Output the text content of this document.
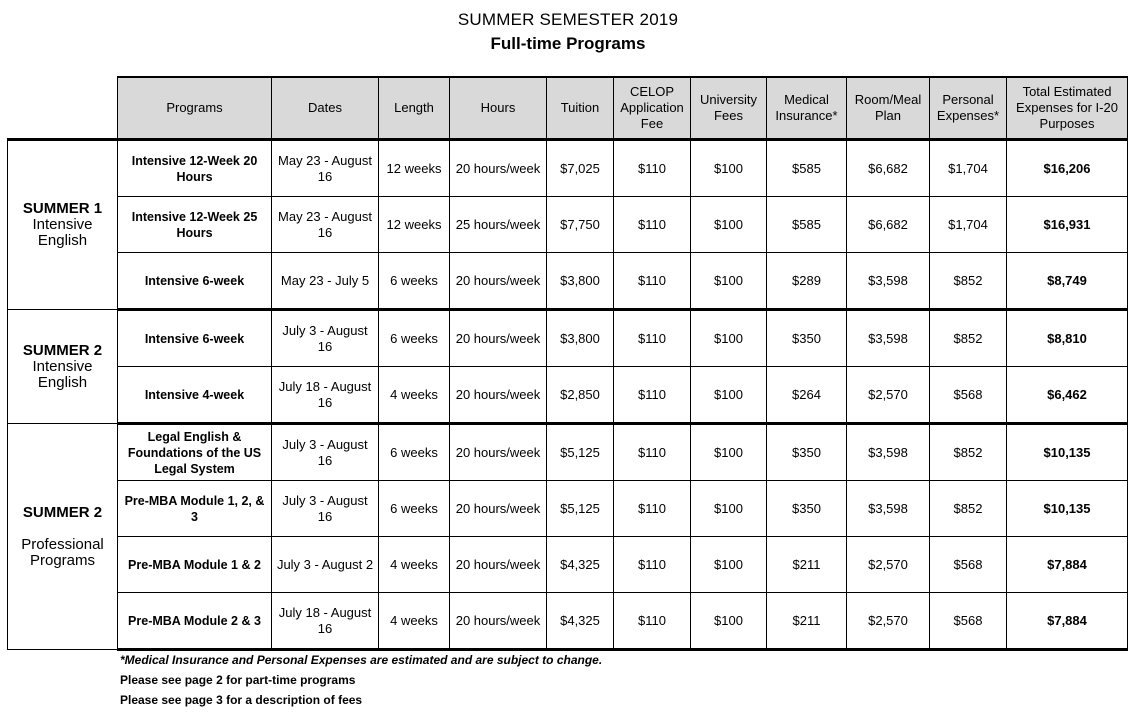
SUMMER SEMESTER 2019
Full-time Programs
	Programs	Dates	Length	Hours	Tuition	CELOP Application Fee	University Fees	Medical Insurance*	Room/Meal Plan	Personal Expenses*	Total Estimated Expenses for I-20 Purposes

SUMMER 1
Intensive English	Intensive 12-Week 20 Hours	May 23 - August 16	12 weeks	20 hours/week	$7,025	$110	$100	$585	$6,682	$1,704	$16,206
	Intensive 12-Week 25 Hours	May 23 - August 16	12 weeks	25 hours/week	$7,750	$110	$100	$585	$6,682	$1,704	$16,931
	Intensive 6-week	May 23 - July 5	6 weeks	20 hours/week	$3,800	$110	$100	$289	$3,598	$852	$8,749

SUMMER 2
Intensive English	Intensive 6-week	July 3 - August 16	6 weeks	20 hours/week	$3,800	$110	$100	$350	$3,598	$852	$8,810
	Intensive 4-week	July 18 - August 16	4 weeks	20 hours/week	$2,850	$110	$100	$264	$2,570	$568	$6,462

SUMMER 2
Professional Programs	Legal English & Foundations of the US Legal System	July 3 - August 16	6 weeks	20 hours/week	$5,125	$110	$100	$350	$3,598	$852	$10,135
	Pre-MBA Module 1, 2, & 3	July 3 - August 16	6 weeks	20 hours/week	$5,125	$110	$100	$350	$3,598	$852	$10,135
	Pre-MBA Module 1 & 2	July 3 - August 2	4 weeks	20 hours/week	$4,325	$110	$100	$211	$2,570	$568	$7,884
	Pre-MBA Module 2 & 3	July 18 - August 16	4 weeks	20 hours/week	$4,325	$110	$100	$211	$2,570	$568	$7,884
*Medical Insurance and Personal Expenses are estimated and are subject to change.
Please see page 2 for part-time programs
Please see page 3 for a description of fees
